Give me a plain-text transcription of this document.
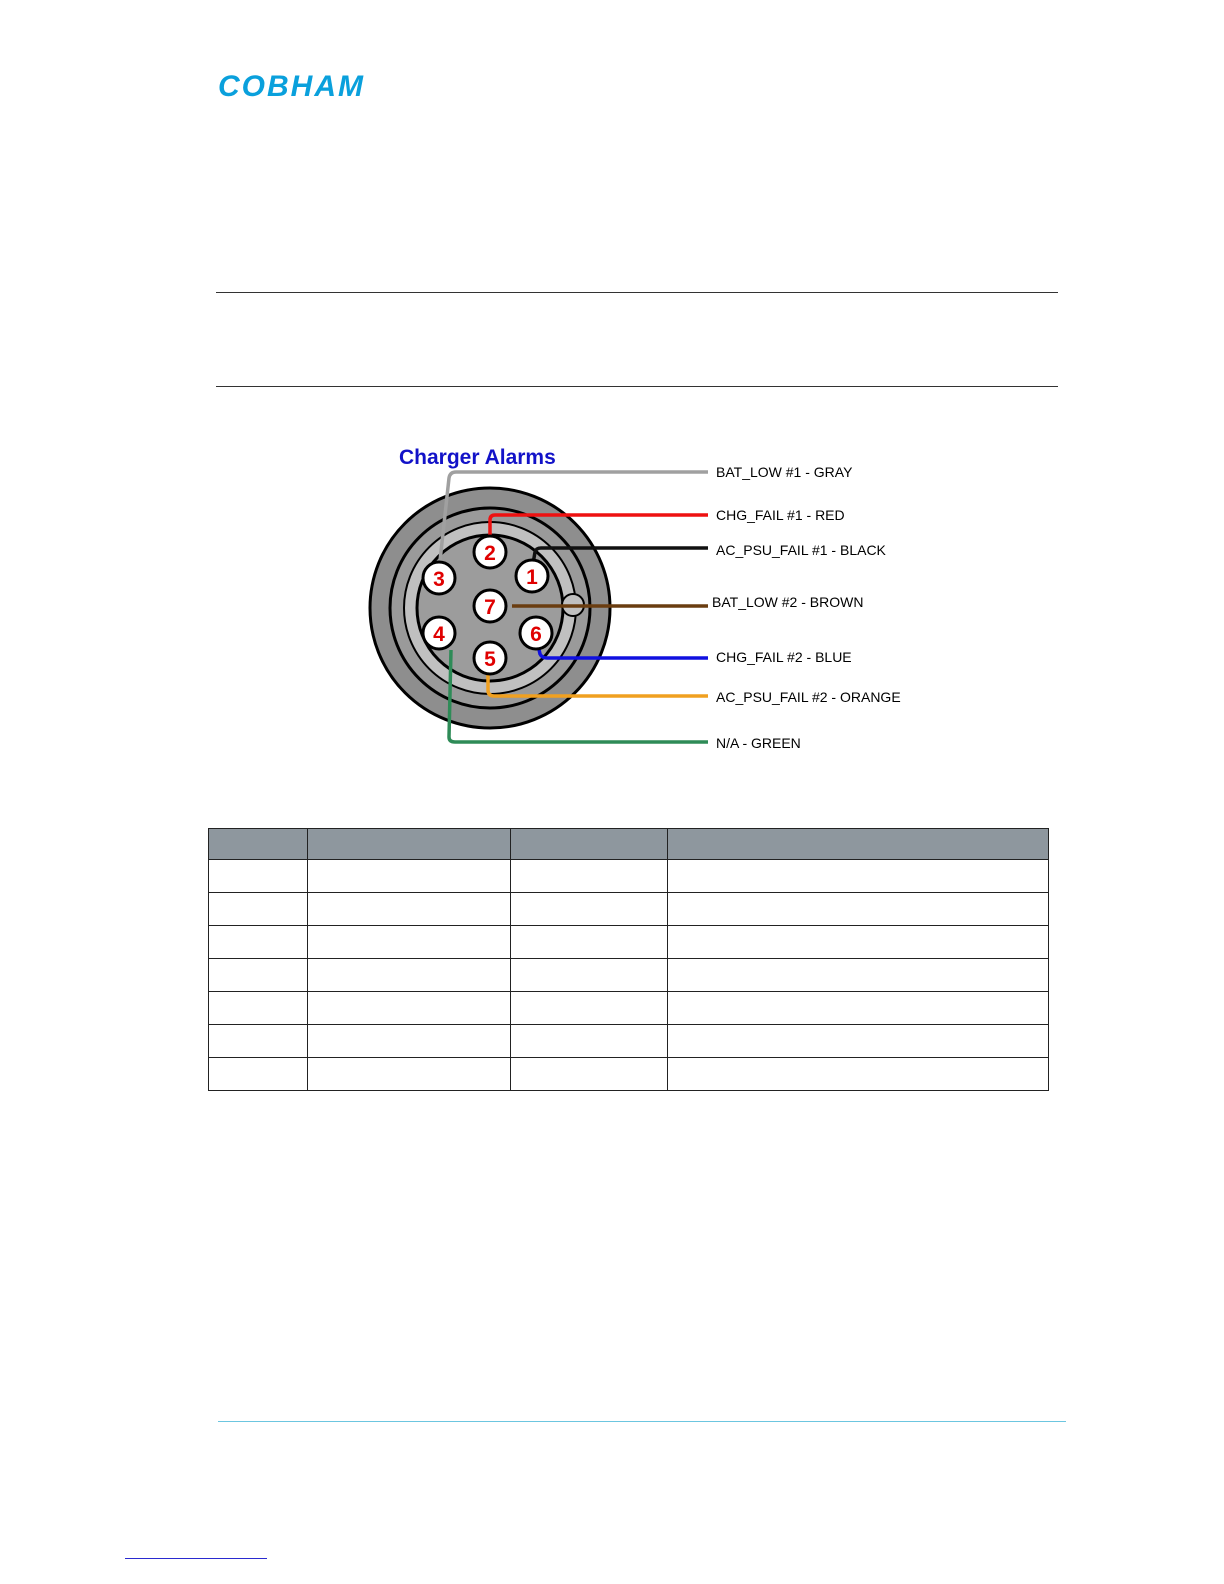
COBHAM
Charger Alarms
1
2
3
4
5
6
7
BAT_LOW #1 - GRAY
CHG_FAIL #1 - RED
AC_PSU_FAIL #1 - BLACK
BAT_LOW #2 - BROWN
CHG_FAIL #2 - BLUE
AC_PSU_FAIL #2 - ORANGE
N/A - GREEN
